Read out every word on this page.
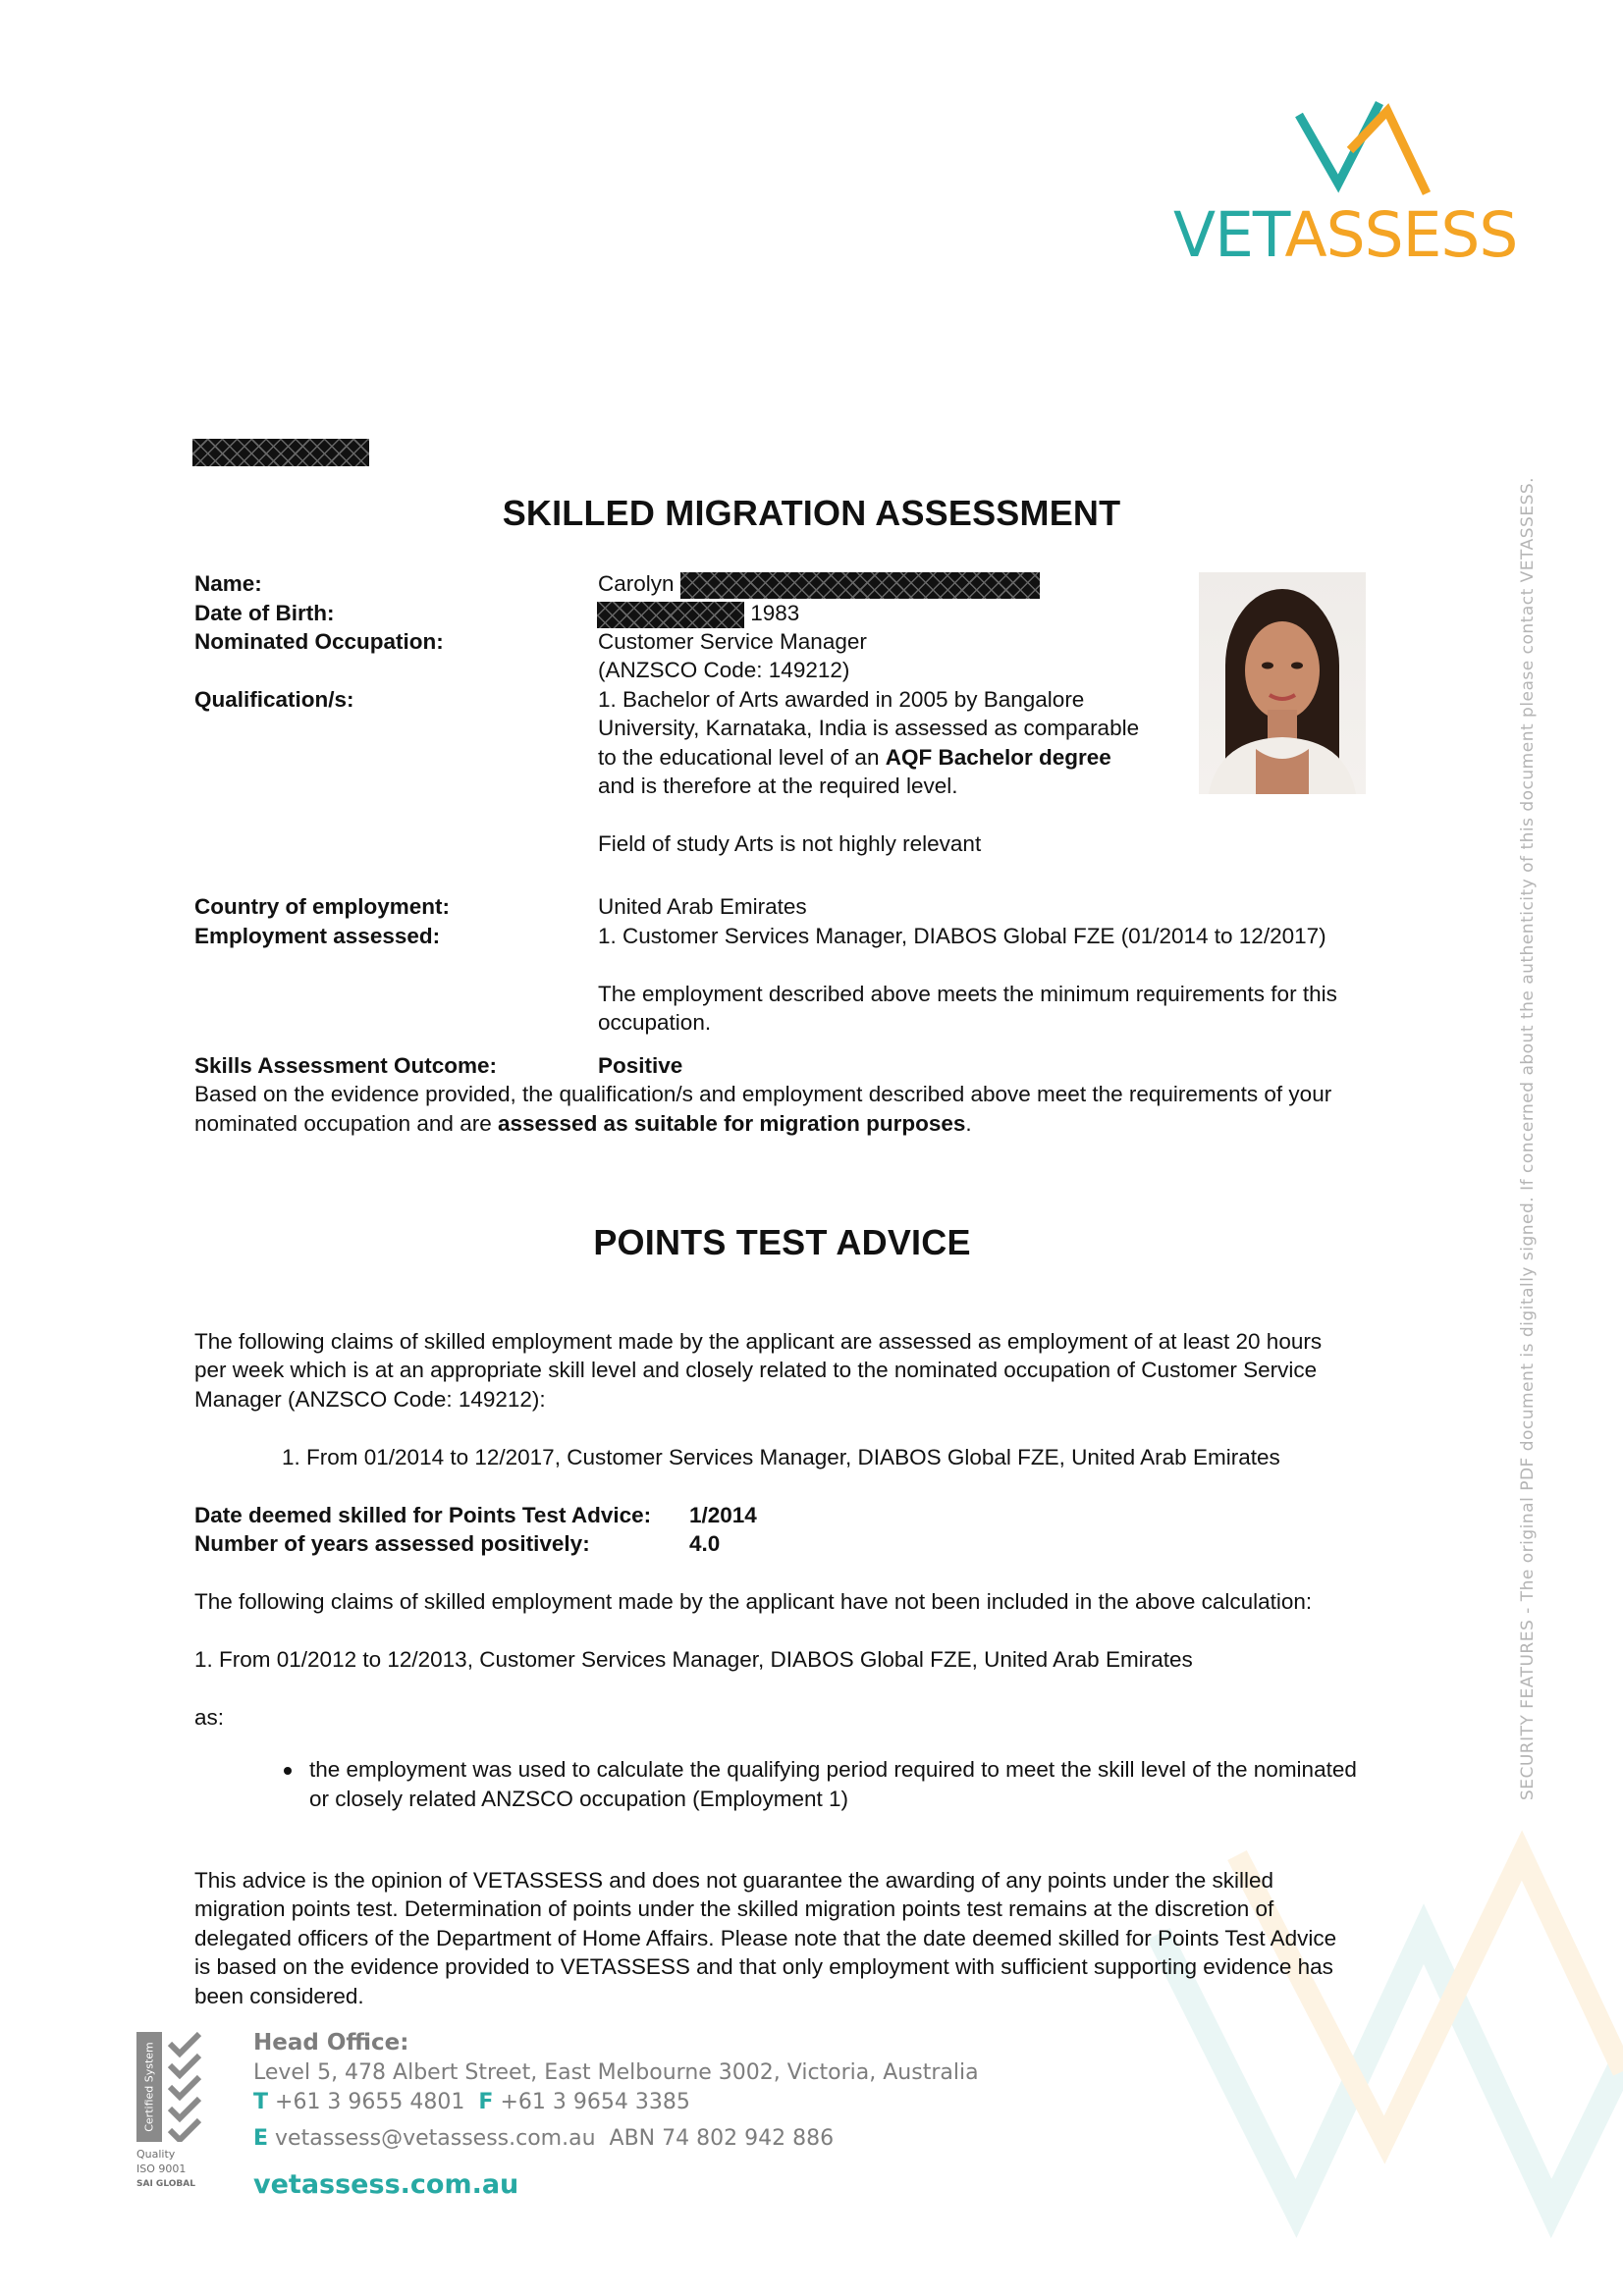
VETASSESS
SKILLED MIGRATION ASSESSMENT
Name:	Carolyn
Date of Birth:	1983
Nominated Occupation:	Customer Service Manager
(ANZSCO Code: 149212)
Qualification/s:	1. Bachelor of Arts awarded in 2005 by Bangalore
University, Karnataka, India is assessed as comparable
to the educational level of an AQF Bachelor degree
and is therefore at the required level.
Field of study Arts is not highly relevant
Country of employment:	United Arab Emirates
Employment assessed:	1. Customer Services Manager, DIABOS Global FZE (01/2014 to 12/2017)
The employment described above meets the minimum requirements for this
occupation.
Skills Assessment Outcome:	Positive
Based on the evidence provided, the qualification/s and employment described above meet the requirements of your
nominated occupation and are assessed as suitable for migration purposes.
POINTS TEST ADVICE
The following claims of skilled employment made by the applicant are assessed as employment of at least 20 hours
per week which is at an appropriate skill level and closely related to the nominated occupation of Customer Service
Manager (ANZSCO Code: 149212):
1. From 01/2014 to 12/2017, Customer Services Manager, DIABOS Global FZE, United Arab Emirates
Date deemed skilled for Points Test Advice: 1/2014
Number of years assessed positively:	4.0
The following claims of skilled employment made by the applicant have not been included in the above calculation:
1. From 01/2012 to 12/2013, Customer Services Manager, DIABOS Global FZE, United Arab Emirates
as:
the employment was used to calculate the qualifying period required to meet the skill level of the nominated
or closely related ANZSCO occupation (Employment 1)
This advice is the opinion of VETASSESS and does not guarantee the awarding of any points under the skilled
migration points test. Determination of points under the skilled migration points test remains at the discretion of
delegated officers of the Department of Home Affairs. Please note that the date deemed skilled for Points Test Advice
is based on the evidence provided to VETASSESS and that only employment with sufficient supporting evidence has
been considered.
SECURITY FEATURES - The original PDF document is digitally signed. If concerned about the authenticity of this document please contact VETASSESS.
Certified System
Quality
ISO 9001
SAI GLOBAL
Head Office:
Level 5, 478 Albert Street, East Melbourne 3002, Victoria, Australia
T +61 3 9655 4801 F +61 3 9654 3385
E vetassess@vetassess.com.au ABN 74 802 942 886
vetassess.com.au
